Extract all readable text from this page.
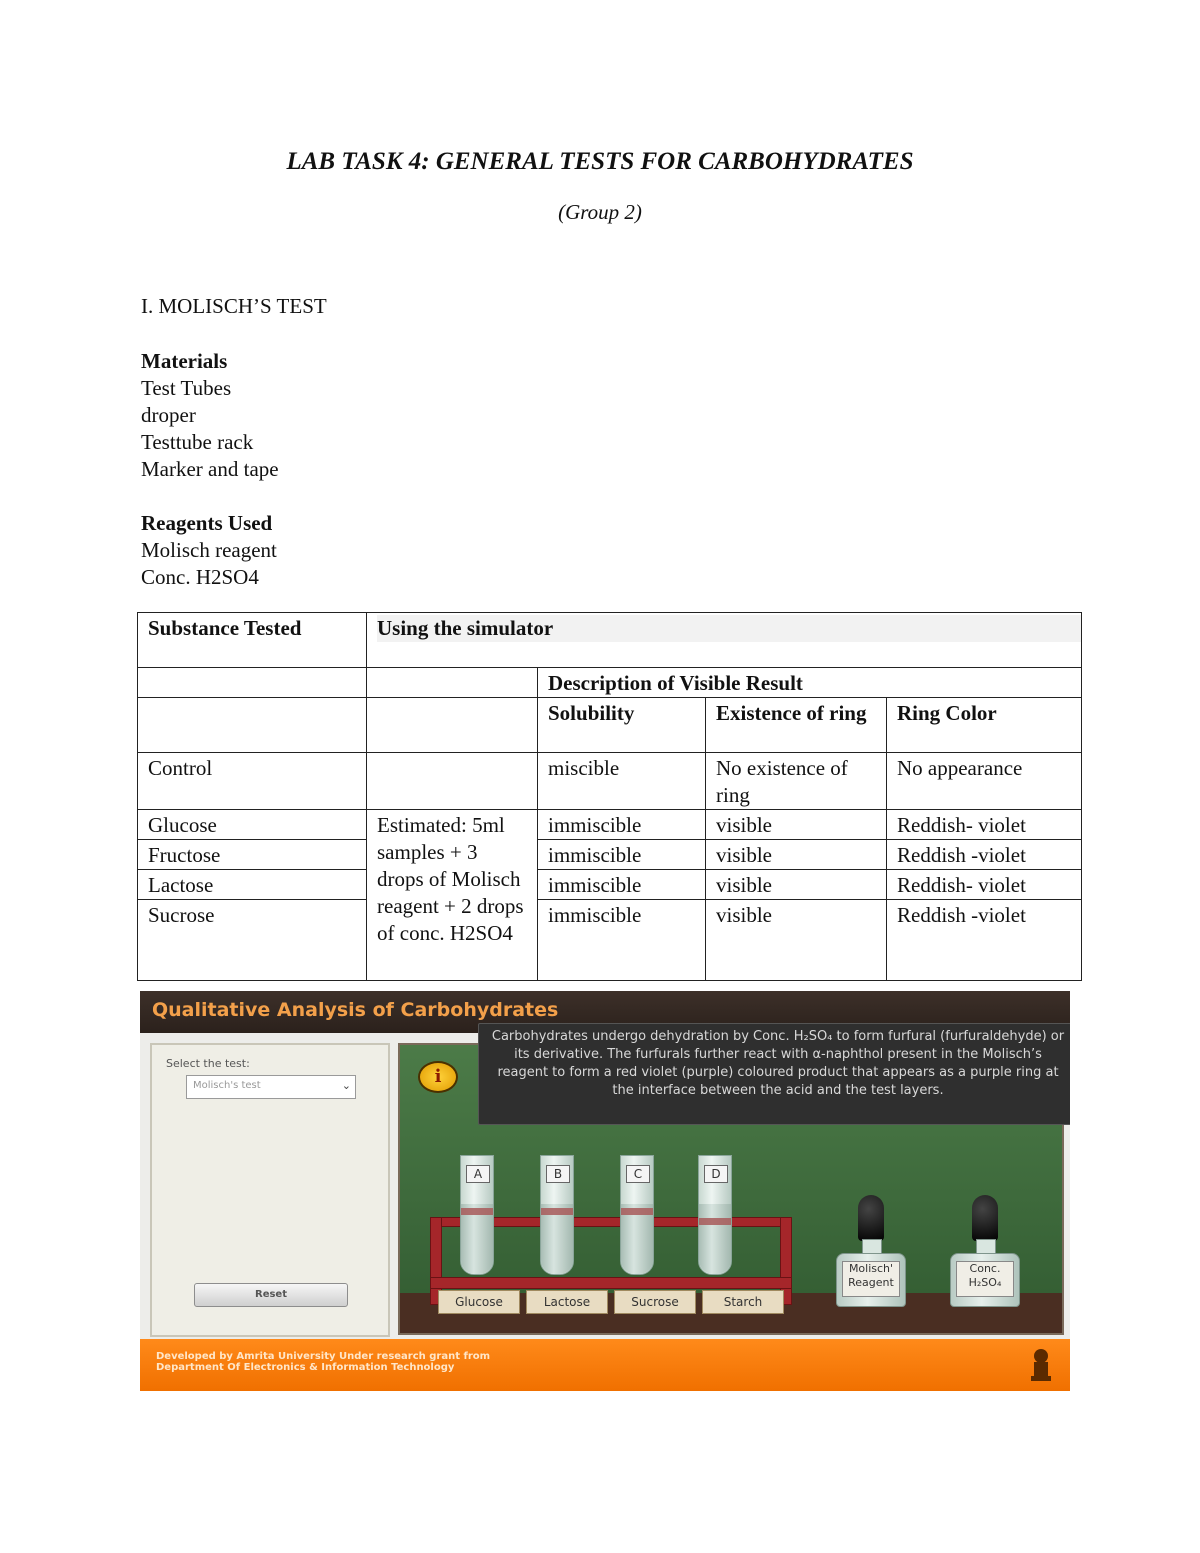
LAB TASK 4: GENERAL TESTS FOR CARBOHYDRATES
(Group 2)
I. MOLISCH’S TEST
Materials
Test Tubes
droper
Testtube rack
Marker and tape
Reagents Used
Molisch reagent
Conc. H2SO4
Substance Tested	Using the simulator			

		Description of Visible Result		
		Solubility	Existence of ring	Ring Color
Control		miscible	No existence of ring	No appearance
Glucose	Estimated: 5ml samples + 3 drops of Molisch reagent + 2 drops of conc. H2SO4	immiscible	visible	Reddish- violet
Fructose		immiscible	visible	Reddish -violet
Lactose		immiscible	visible	Reddish- violet
Sucrose		immiscible	visible	Reddish -violet
Qualitative Analysis of Carbohydrates
Select the test:
Molisch's test	⌄
Reset
i
A	B	C	D
Glucose	Lactose	Sucrose	Starch
Molisch' Reagent
Conc. H₂SO₄
Carbohydrates undergo dehydration by Conc. H₂SO₄ to form furfural (furfuraldehyde) or its derivative. The furfurals further react with α-naphthol present in the Molisch’s reagent to form a red violet (purple) coloured product that appears as a purple ring at the interface between the acid and the test layers.
Developed by Amrita University Under research grant from
Department Of Electronics & Information Technology
